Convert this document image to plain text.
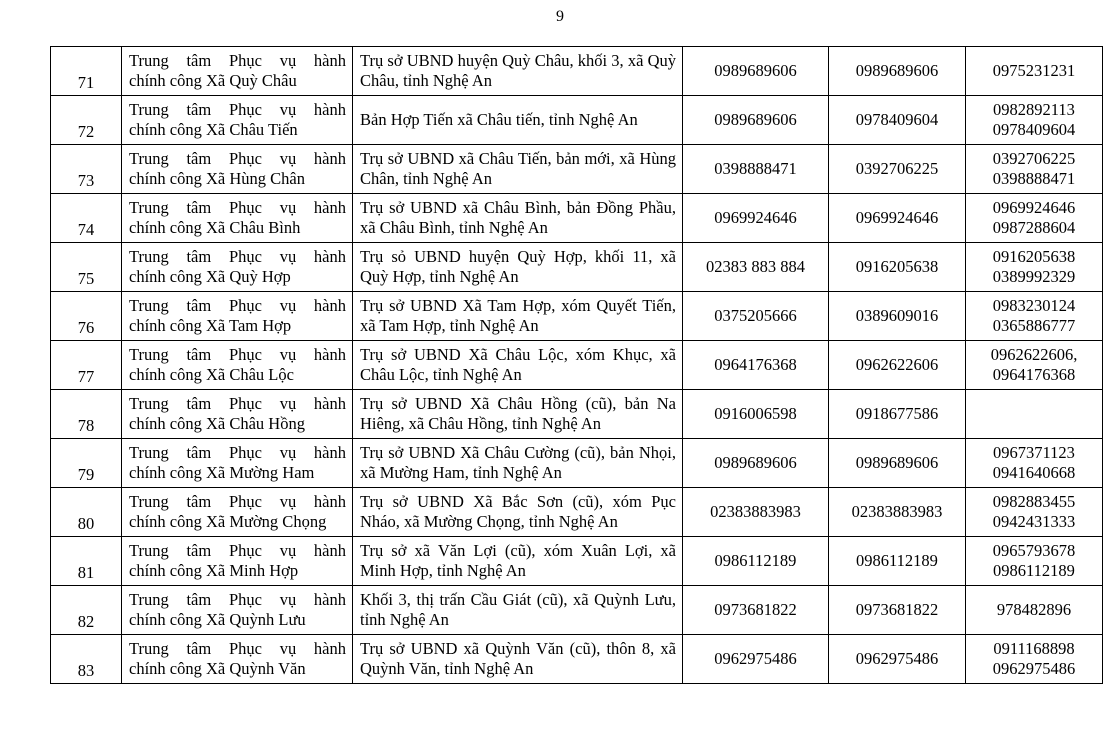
9
71	Trung tâm Phục vụ hành
chính công Xã Quỳ Châu	Trụ sở UBND huyện Quỳ Châu, khối 3, xã Quỳ Châu, tỉnh Nghệ An	0989689606	0989689606	0975231231

72	Trung tâm Phục vụ hành
chính công Xã Châu Tiến	Bản Hợp Tiến xã Châu tiến, tỉnh Nghệ An	0989689606	0978409604	0982892113
0978409604

73	Trung tâm Phục vụ hành
chính công Xã Hùng Chân	Trụ sở UBND xã Châu Tiến, bản mới, xã Hùng Chân, tỉnh Nghệ An	0398888471	0392706225	0392706225
0398888471

74	Trung tâm Phục vụ hành
chính công Xã Châu Bình	Trụ sở UBND xã Châu Bình, bản Đồng Phầu, xã Châu Bình, tỉnh Nghệ An	0969924646	0969924646	0969924646
0987288604

75	Trung tâm Phục vụ hành
chính công Xã Quỳ Hợp	Trụ sỏ UBND huyện Quỳ Hợp, khối 11, xã Quỳ Hợp, tỉnh Nghệ An	02383 883 884	0916205638	0916205638
0389992329

76	Trung tâm Phục vụ hành
chính công Xã Tam Hợp	Trụ sở UBND Xã Tam Hợp, xóm Quyết Tiến, xã Tam Hợp, tỉnh Nghệ An	0375205666	0389609016	0983230124
0365886777

77	Trung tâm Phục vụ hành
chính công Xã Châu Lộc	Trụ sở UBND Xã Châu Lộc, xóm Khục, xã Châu Lộc, tỉnh Nghệ An	0964176368	0962622606	0962622606,
0964176368

78	Trung tâm Phục vụ hành
chính công Xã Châu Hồng	Trụ sở UBND Xã Châu Hồng (cũ), bản Na Hiêng, xã Châu Hồng, tỉnh Nghệ An	0916006598	0918677586	

79	Trung tâm Phục vụ hành
chính công Xã Mường Ham	Trụ sở UBND Xã Châu Cường (cũ), bản Nhọi, xã Mường Ham, tỉnh Nghệ An	0989689606	0989689606	0967371123
0941640668

80	Trung tâm Phục vụ hành
chính công Xã Mường Chọng	Trụ sở UBND Xã Bắc Sơn (cũ), xóm Pục Nháo, xã Mường Chọng, tỉnh Nghệ An	02383883983	02383883983	0982883455
0942431333

81	Trung tâm Phục vụ hành
chính công Xã Minh Hợp	Trụ sở xã Văn Lợi (cũ), xóm Xuân Lợi, xã Minh Hợp, tỉnh Nghệ An	0986112189	0986112189	0965793678
0986112189

82	Trung tâm Phục vụ hành
chính công Xã Quỳnh Lưu	Khối 3, thị trấn Cầu Giát (cũ), xã Quỳnh Lưu, tỉnh Nghệ An	0973681822	0973681822	978482896

83	Trung tâm Phục vụ hành
chính công Xã Quỳnh Văn	Trụ sở UBND xã Quỳnh Văn (cũ), thôn 8, xã Quỳnh Văn, tỉnh Nghệ An	0962975486	0962975486	0911168898
0962975486
